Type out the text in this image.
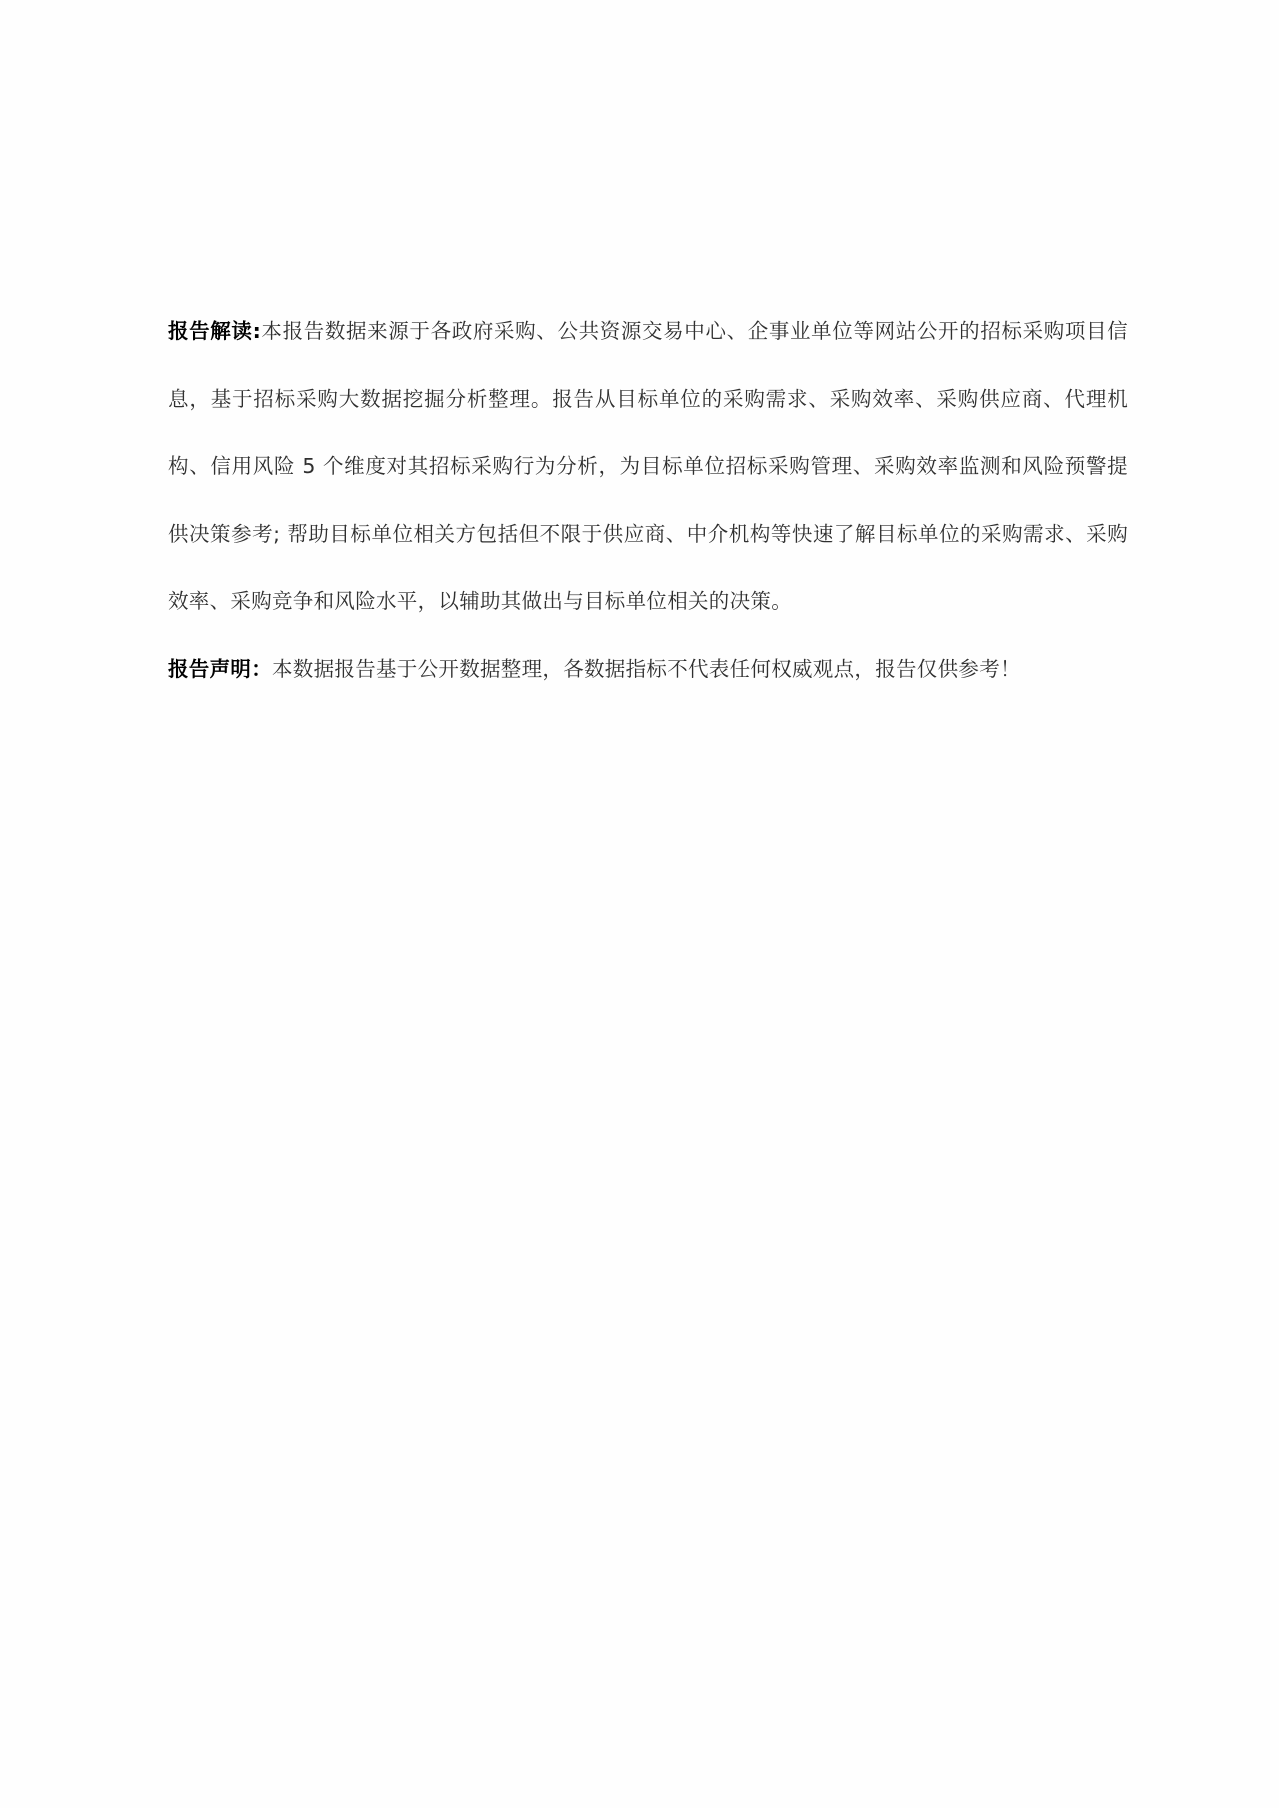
报告解读:本报告数据来源于各政府采购、公共资源交易中心、企事业单位等网站公开的招标采购项目信息，基于招标采购大数据挖掘分析整理。报告从目标单位的采购需求、采购效率、采购供应商、代理机构、信用风险 5 个维度对其招标采购行为分析，为目标单位招标采购管理、采购效率监测和风险预警提供决策参考; 帮助目标单位相关方包括但不限于供应商、中介机构等快速了解目标单位的采购需求、采购效率、采购竞争和风险水平，以辅助其做出与目标单位相关的决策。

报告声明：本数据报告基于公开数据整理，各数据指标不代表任何权威观点，报告仅供参考！
